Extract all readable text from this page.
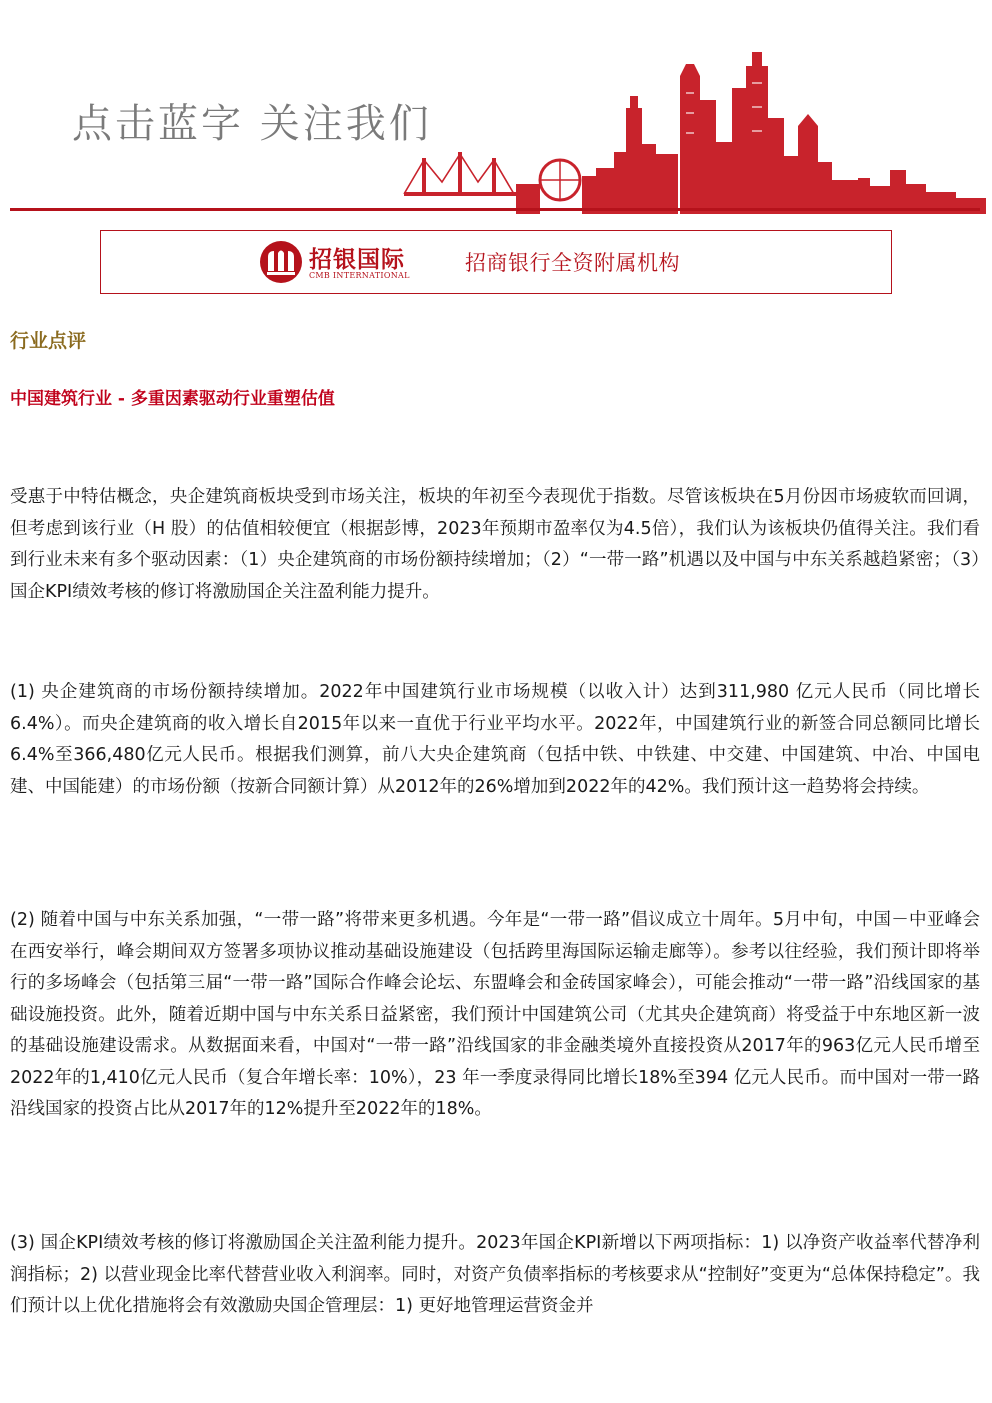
点击蓝字 关注我们
招银国际
CMB INTERNATIONAL
招商银行全资附属机构
行业点评
中国建筑行业 - 多重因素驱动行业重塑估值

受惠于中特估概念，央企建筑商板块受到市场关注，板块的年初至今表现优于指数。尽管该板块在5月份因市场疲软而回调，但考虑到该行业（H 股）的估值相较便宜（根据彭博，2023年预期市盈率仅为4.5倍），我们认为该板块仍值得关注。我们看到行业未来有多个驱动因素：（1）央企建筑商的市场份额持续增加；（2）“一带一路”机遇以及中国与中东关系越趋紧密；（3）国企KPI绩效考核的修订将激励国企关注盈利能力提升。

(1) 央企建筑商的市场份额持续增加。2022年中国建筑行业市场规模（以收入计）达到311,980 亿元人民币（同比增长6.4%）。而央企建筑商的收入增长自2015年以来一直优于行业平均水平。2022年，中国建筑行业的新签合同总额同比增长6.4%至366,480亿元人民币。根据我们测算，前八大央企建筑商（包括中铁、中铁建、中交建、中国建筑、中冶、中国电建、中国能建）的市场份额（按新合同额计算）从2012年的26%增加到2022年的42%。我们预计这一趋势将会持续。

(2) 随着中国与中东关系加强，“一带一路”将带来更多机遇。今年是“一带一路”倡议成立十周年。5月中旬，中国－中亚峰会在西安举行，峰会期间双方签署多项协议推动基础设施建设（包括跨里海国际运输走廊等）。参考以往经验，我们预计即将举行的多场峰会（包括第三届“一带一路”国际合作峰会论坛、东盟峰会和金砖国家峰会），可能会推动“一带一路”沿线国家的基础设施投资。此外，随着近期中国与中东关系日益紧密，我们预计中国建筑公司（尤其央企建筑商）将受益于中东地区新一波的基础设施建设需求。从数据面来看，中国对“一带一路”沿线国家的非金融类境外直接投资从2017年的963亿元人民币增至2022年的1,410亿元人民币（复合年增长率：10%），23 年一季度录得同比增长18%至394 亿元人民币。而中国对一带一路沿线国家的投资占比从2017年的12%提升至2022年的18%。

(3) 国企KPI绩效考核的修订将激励国企关注盈利能力提升。2023年国企KPI新增以下两项指标：1) 以净资产收益率代替净利润指标；2) 以营业现金比率代替营业收入利润率。同时，对资产负债率指标的考核要求从“控制好”变更为“总体保持稳定”。我们预计以上优化措施将会有效激励央国企管理层：1) 更好地管理运营资金并
